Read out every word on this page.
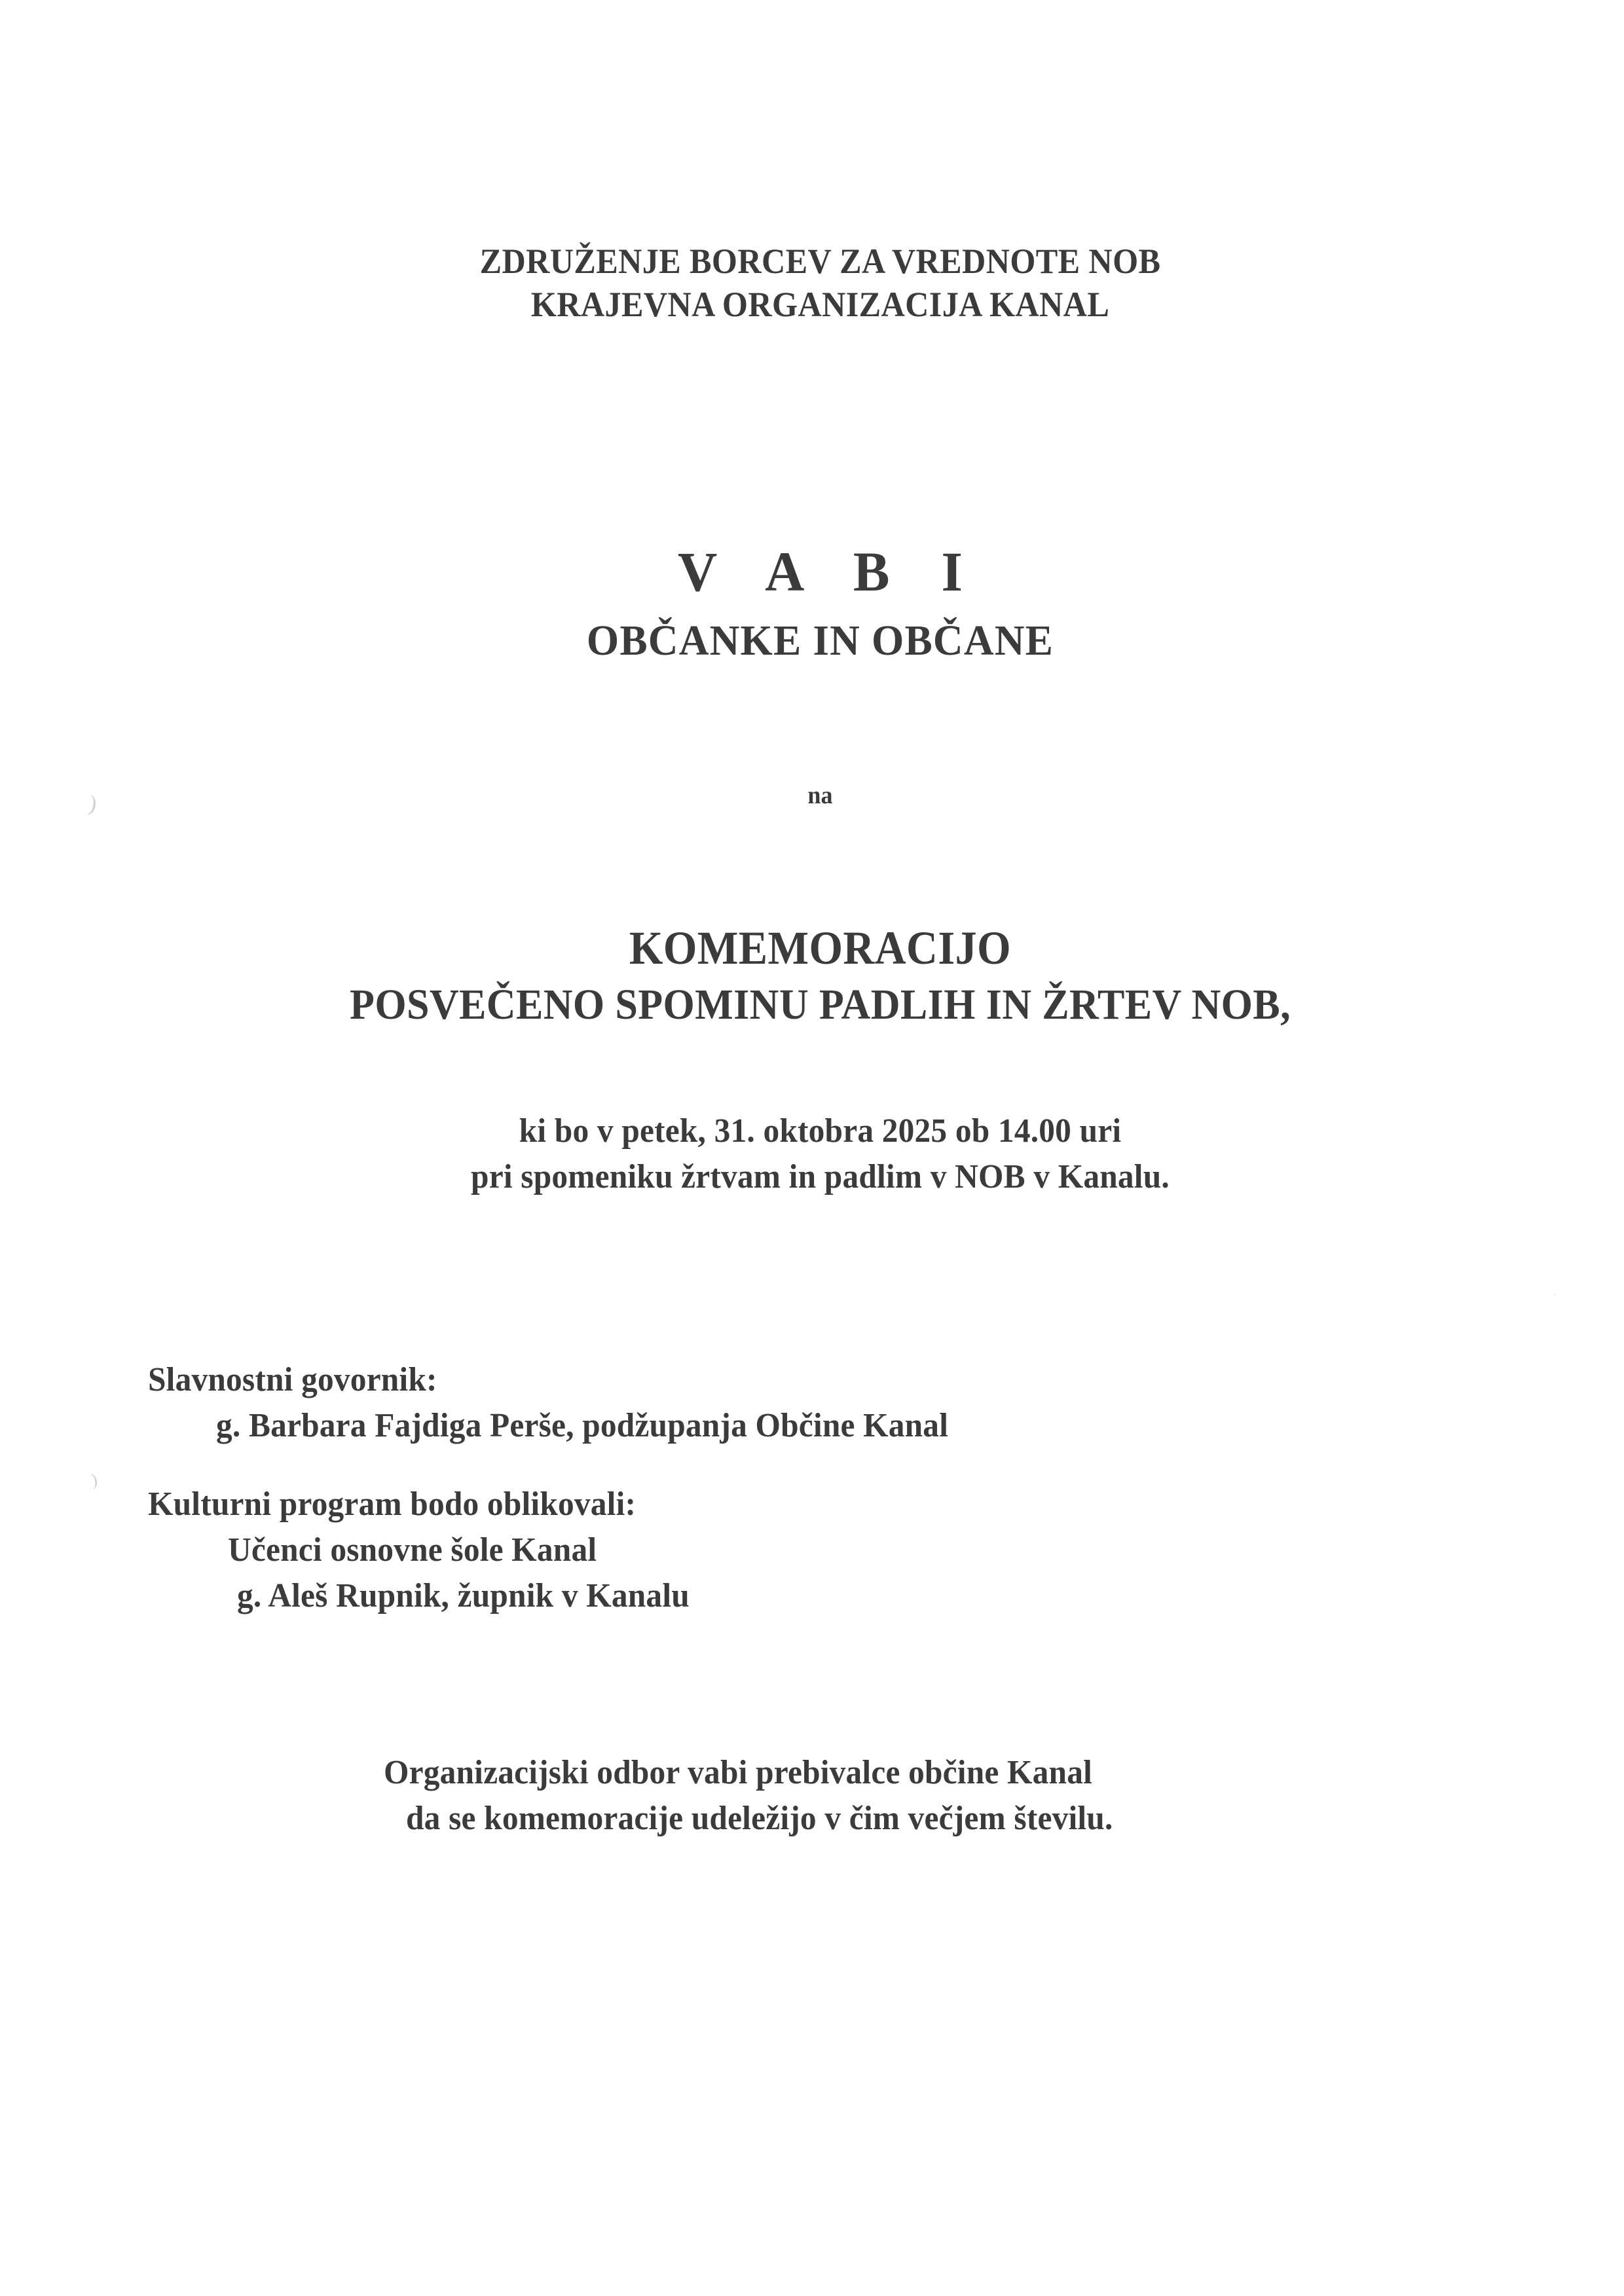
ZDRUŽENJE BORCEV ZA VREDNOTE NOB
KRAJEVNA ORGANIZACIJA KANAL
V A B I
OBČANKE IN OBČANE
na
KOMEMORACIJO
POSVEČENO SPOMINU PADLIH IN ŽRTEV NOB,
ki bo v petek, 31. oktobra 2025 ob 14.00 uri
pri spomeniku žrtvam in padlim v NOB v Kanalu.
Slavnostni govornik:
g. Barbara Fajdiga Perše, podžupanja Občine Kanal
Kulturni program bodo oblikovali:
Učenci osnovne šole Kanal
g. Aleš Rupnik, župnik v Kanalu
Organizacijski odbor vabi prebivalce občine Kanal
da se komemoracije udeležijo v čim večjem številu.
)
)
·
